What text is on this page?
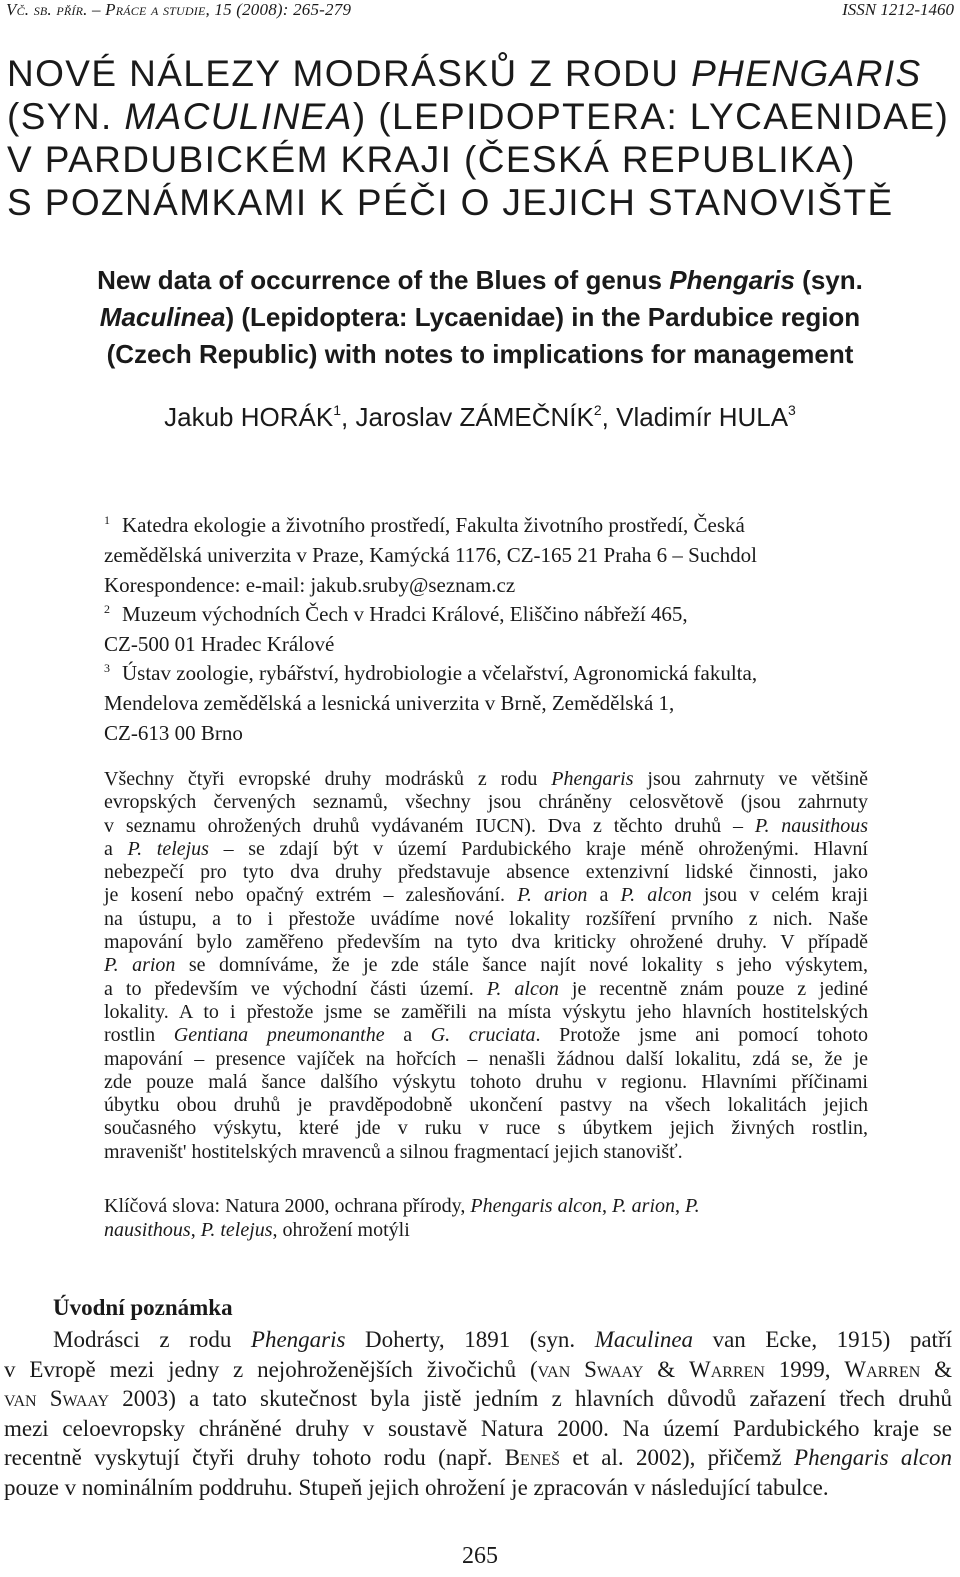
Vč. sb. přír. – Práce a studie, 15 (2008): 265-279	ISSN 1212-1460
NOVÉ NÁLEZY MODRÁSKŮ Z RODU PHENGARIS
(SYN. MACULINEA) (LEPIDOPTERA: LYCAENIDAE)
V PARDUBICKÉM KRAJI (ČESKÁ REPUBLIKA)
S POZNÁMKAMI K PÉČI O JEJICH STANOVIŠTĚ
New data of occurrence of the Blues of genus Phengaris (syn.
Maculinea) (Lepidoptera: Lycaenidae) in the Pardubice region
(Czech Republic) with notes to implications for management
Jakub HORÁK$^1$, Jaroslav ZÁMEČNÍK$^2$, Vladimír HULA$^3$
$^1$ Katedra ekologie a životního prostředí, Fakulta životního prostředí, Česká
zemědělská univerzita v Praze, Kamýcká 1176, CZ-165 21 Praha 6 – Suchdol
Korespondence: e-mail: jakub.sruby@seznam.cz
$^2$ Muzeum východních Čech v Hradci Králové, Eliščino nábřeží 465,
CZ-500 01 Hradec Králové
$^3$ Ústav zoologie, rybářství, hydrobiologie a včelařství, Agronomická fakulta,
Mendelova zemědělská a lesnická univerzita v Brně, Zemědělská 1,
CZ-613 00 Brno
Všechny čtyři evropské druhy modrásků z rodu Phengaris jsou zahrnuty ve většině
evropských červených seznamů, všechny jsou chráněny celosvětově (jsou zahrnuty
v seznamu ohrožených druhů vydávaném IUCN). Dva z těchto druhů – P. nausithous
a P. telejus – se zdají být v území Pardubického kraje méně ohroženými. Hlavní
nebezpečí pro tyto dva druhy představuje absence extenzivní lidské činnosti, jako
je kosení nebo opačný extrém – zalesňování. P. arion a P. alcon jsou v celém kraji
na ústupu, a to i přestože uvádíme nové lokality rozšíření prvního z nich. Naše
mapování bylo zaměřeno především na tyto dva kriticky ohrožené druhy. V případě
P. arion se domníváme, že je zde stále šance najít nové lokality s jeho výskytem,
a to především ve východní části území. P. alcon je recentně znám pouze z jediné
lokality. A to i přestože jsme se zaměřili na místa výskytu jeho hlavních hostitelských
rostlin Gentiana pneumonanthe a G. cruciata. Protože jsme ani pomocí tohoto
mapování – presence vajíček na hořcích – nenašli žádnou další lokalitu, zdá se, že je
zde pouze malá šance dalšího výskytu tohoto druhu v regionu. Hlavními příčinami
úbytku obou druhů je pravděpodobně ukončení pastvy na všech lokalitách jejich
současného výskytu, které jde v ruku v ruce s úbytkem jejich živných rostlin,
mraveništ' hostitelských mravenců a silnou fragmentací jejich stanovišť.
Klíčová slova: Natura 2000, ochrana přírody, Phengaris alcon, P. arion, P.
nausithous, P. telejus, ohrožení motýli
Úvodní poznámka
Modrásci z rodu Phengaris Doherty, 1891 (syn. Maculinea van Ecke, 1915) patří
v Evropě mezi jedny z nejohroženějších živočichů (van Swaay & Warren 1999, Warren &
van Swaay 2003) a tato skutečnost byla jistě jedním z hlavních důvodů zařazení třech druhů
mezi celoevropsky chráněné druhy v soustavě Natura 2000. Na území Pardubického kraje se
recentně vyskytují čtyři druhy tohoto rodu (např. Beneš et al. 2002), přičemž Phengaris alcon
pouze v nominálním poddruhu. Stupeň jejich ohrožení je zpracován v následující tabulce.
265
